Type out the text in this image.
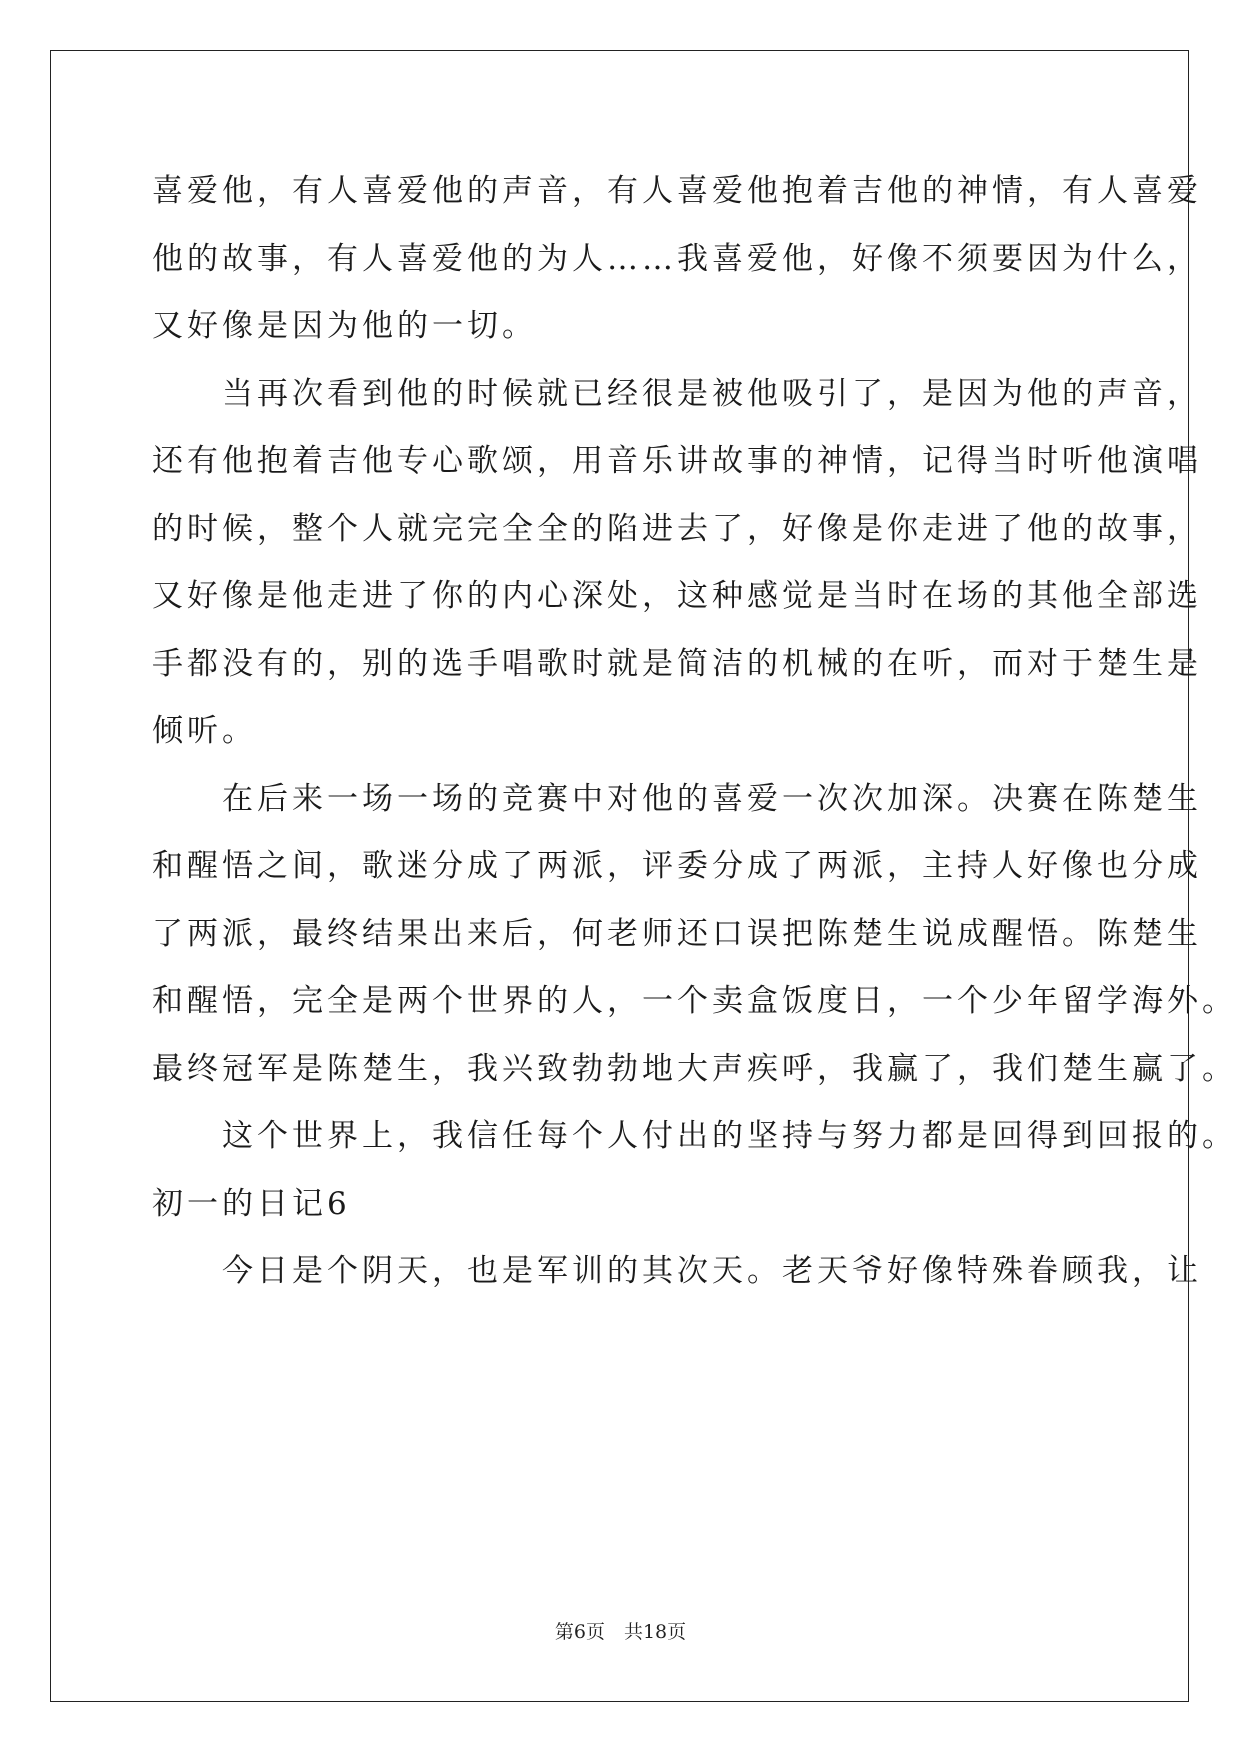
喜爱他，有人喜爱他的声音，有人喜爱他抱着吉他的神情，有人喜爱
他的故事，有人喜爱他的为人……我喜爱他，好像不须要因为什么，
又好像是因为他的一切。
　　当再次看到他的时候就已经很是被他吸引了，是因为他的声音，
还有他抱着吉他专心歌颂，用音乐讲故事的神情，记得当时听他演唱
的时候，整个人就完完全全的陷进去了，好像是你走进了他的故事，
又好像是他走进了你的内心深处，这种感觉是当时在场的其他全部选
手都没有的，别的选手唱歌时就是简洁的机械的在听，而对于楚生是
倾听。
　　在后来一场一场的竞赛中对他的喜爱一次次加深。决赛在陈楚生
和醒悟之间，歌迷分成了两派，评委分成了两派，主持人好像也分成
了两派，最终结果出来后，何老师还口误把陈楚生说成醒悟。陈楚生
和醒悟，完全是两个世界的人，一个卖盒饭度日，一个少年留学海外。
最终冠军是陈楚生，我兴致勃勃地大声疾呼，我赢了，我们楚生赢了。
　　这个世界上，我信任每个人付出的坚持与努力都是回得到回报的。
初一的日记6
　　今日是个阴天，也是军训的其次天。老天爷好像特殊眷顾我，让
第6页　共18页
